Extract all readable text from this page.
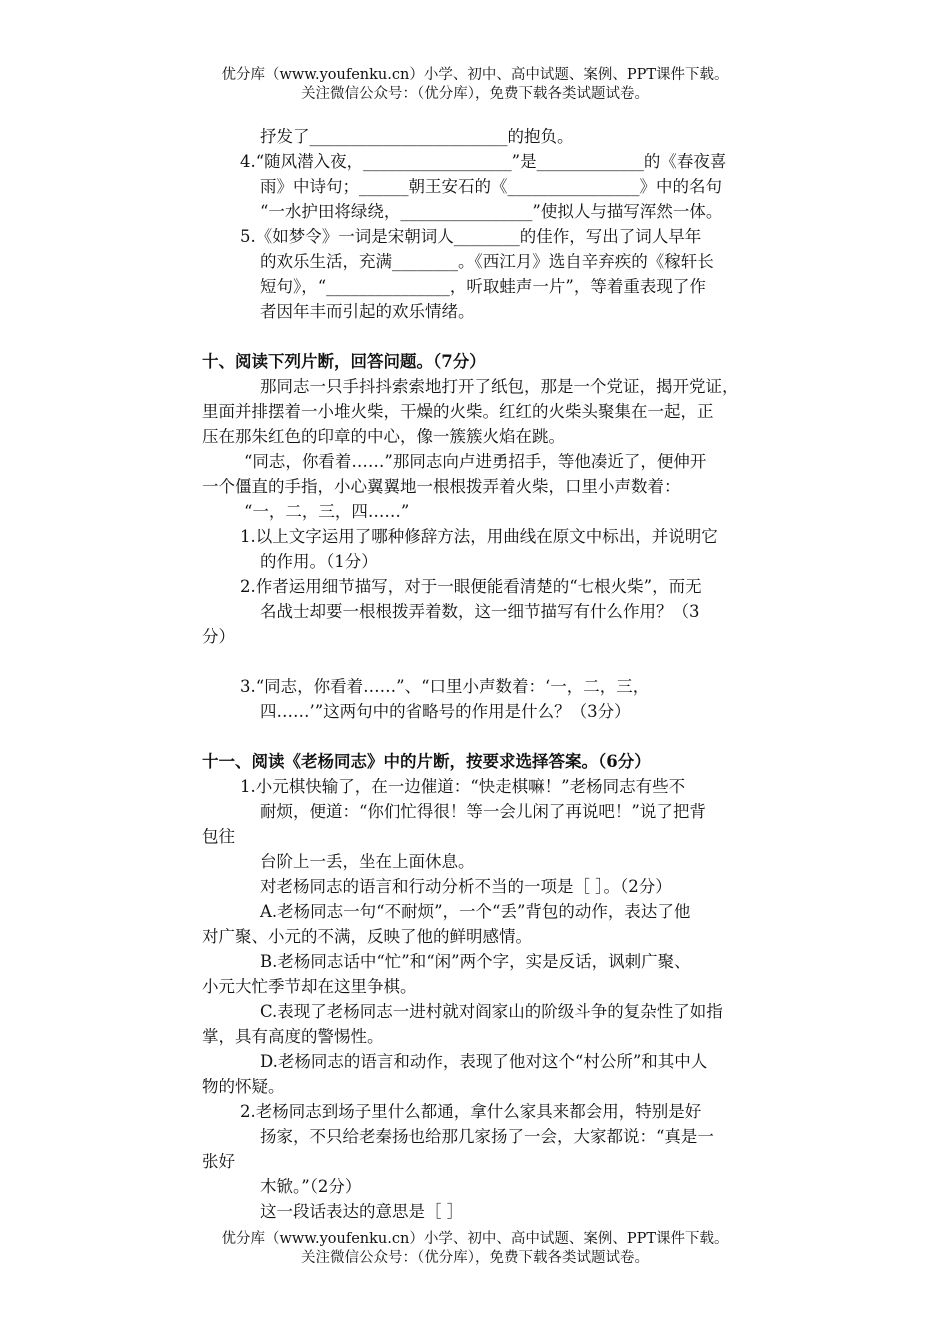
优分库（www.youfenku.cn）小学、初中、高中试题、案例、PPT课件下载。
关注微信公众号：（优分库），免费下载各类试题试卷。
抒发了________________________的抱负。
4.“随风潜入夜，__________________”是_____________的《春夜喜
雨》中诗句；______朝王安石的《________________》中的名句
“一水护田将绿绕，________________”使拟人与描写浑然一体。
5.《如梦令》一词是宋朝词人________的佳作，写出了词人早年
的欢乐生活，充满________。《西江月》选自辛弃疾的《稼轩长
短句》，“_______________，听取蛙声一片”，等着重表现了作
者因年丰而引起的欢乐情绪。
十、阅读下列片断，回答问题。（7分）
那同志一只手抖抖索索地打开了纸包，那是一个党证，揭开党证，
里面并排摆着一小堆火柴，干燥的火柴。红红的火柴头聚集在一起，正
压在那朱红色的印章的中心，像一簇簇火焰在跳。
“同志，你看着……”那同志向卢进勇招手，等他凑近了，便伸开
一个僵直的手指，小心翼翼地一根根拨弄着火柴，口里小声数着：
“一，二，三，四……”
1.以上文字运用了哪种修辞方法，用曲线在原文中标出，并说明它
的作用。（1分）
2.作者运用细节描写，对于一眼便能看清楚的“七根火柴”，而无
名战士却要一根根拨弄着数，这一细节描写有什么作用？（3
分）
3.“同志，你看着……”、“口里小声数着：‘一，二，三，
四……’”这两句中的省略号的作用是什么？（3分）
十一、阅读《老杨同志》中的片断，按要求选择答案。（6分）
1.小元棋快输了，在一边催道：“快走棋嘛！”老杨同志有些不
耐烦，便道：“你们忙得很！等一会儿闲了再说吧！”说了把背
包往
台阶上一丢，坐在上面休息。
对老杨同志的语言和行动分析不当的一项是［ ］。（2分）
A.老杨同志一句“不耐烦”，一个“丢”背包的动作，表达了他
对广聚、小元的不满，反映了他的鲜明感情。
B.老杨同志话中“忙”和“闲”两个字，实是反话，讽刺广聚、
小元大忙季节却在这里争棋。
C.表现了老杨同志一进村就对阎家山的阶级斗争的复杂性了如指
掌，具有高度的警惕性。
D.老杨同志的语言和动作，表现了他对这个“村公所”和其中人
物的怀疑。
2.老杨同志到场子里什么都通，拿什么家具来都会用，特别是好
扬家，不只给老秦扬也给那几家扬了一会，大家都说：“真是一
张好
木锨。”（2分）
这一段话表达的意思是［ ］
优分库（www.youfenku.cn）小学、初中、高中试题、案例、PPT课件下载。
关注微信公众号：（优分库），免费下载各类试题试卷。
